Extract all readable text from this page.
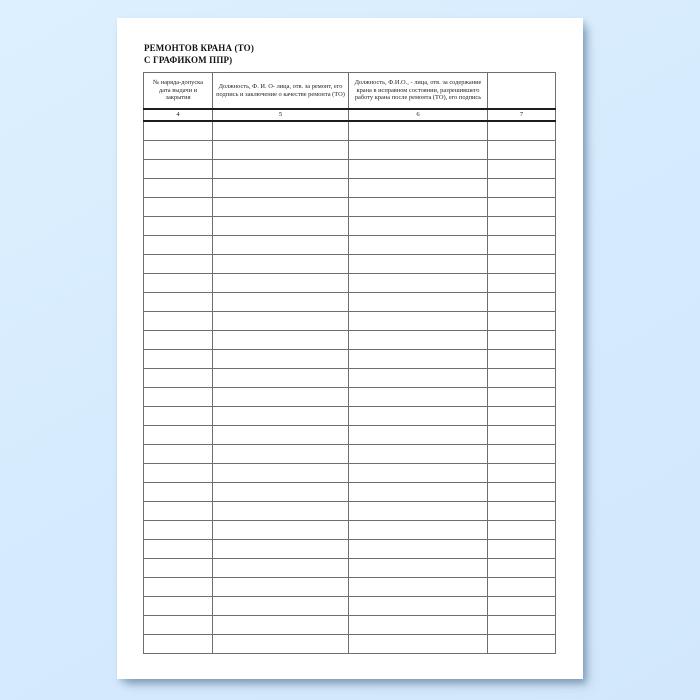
РЕМОНТОВ КРАНА (ТО)
С ГРАФИКОМ ППР)
№ наряда-допуска дата выдачи и закрытия	Должность, Ф. И. О- лица, отв. за ремонт, его подпись и заключение о качестве ремонта (ТО)	Должность, Ф.И.О., - лица, отв. за содержание крана в исправном состоянии, разрешившего работу крана после ремонта (ТО), его подпись	
4	5	6	7
